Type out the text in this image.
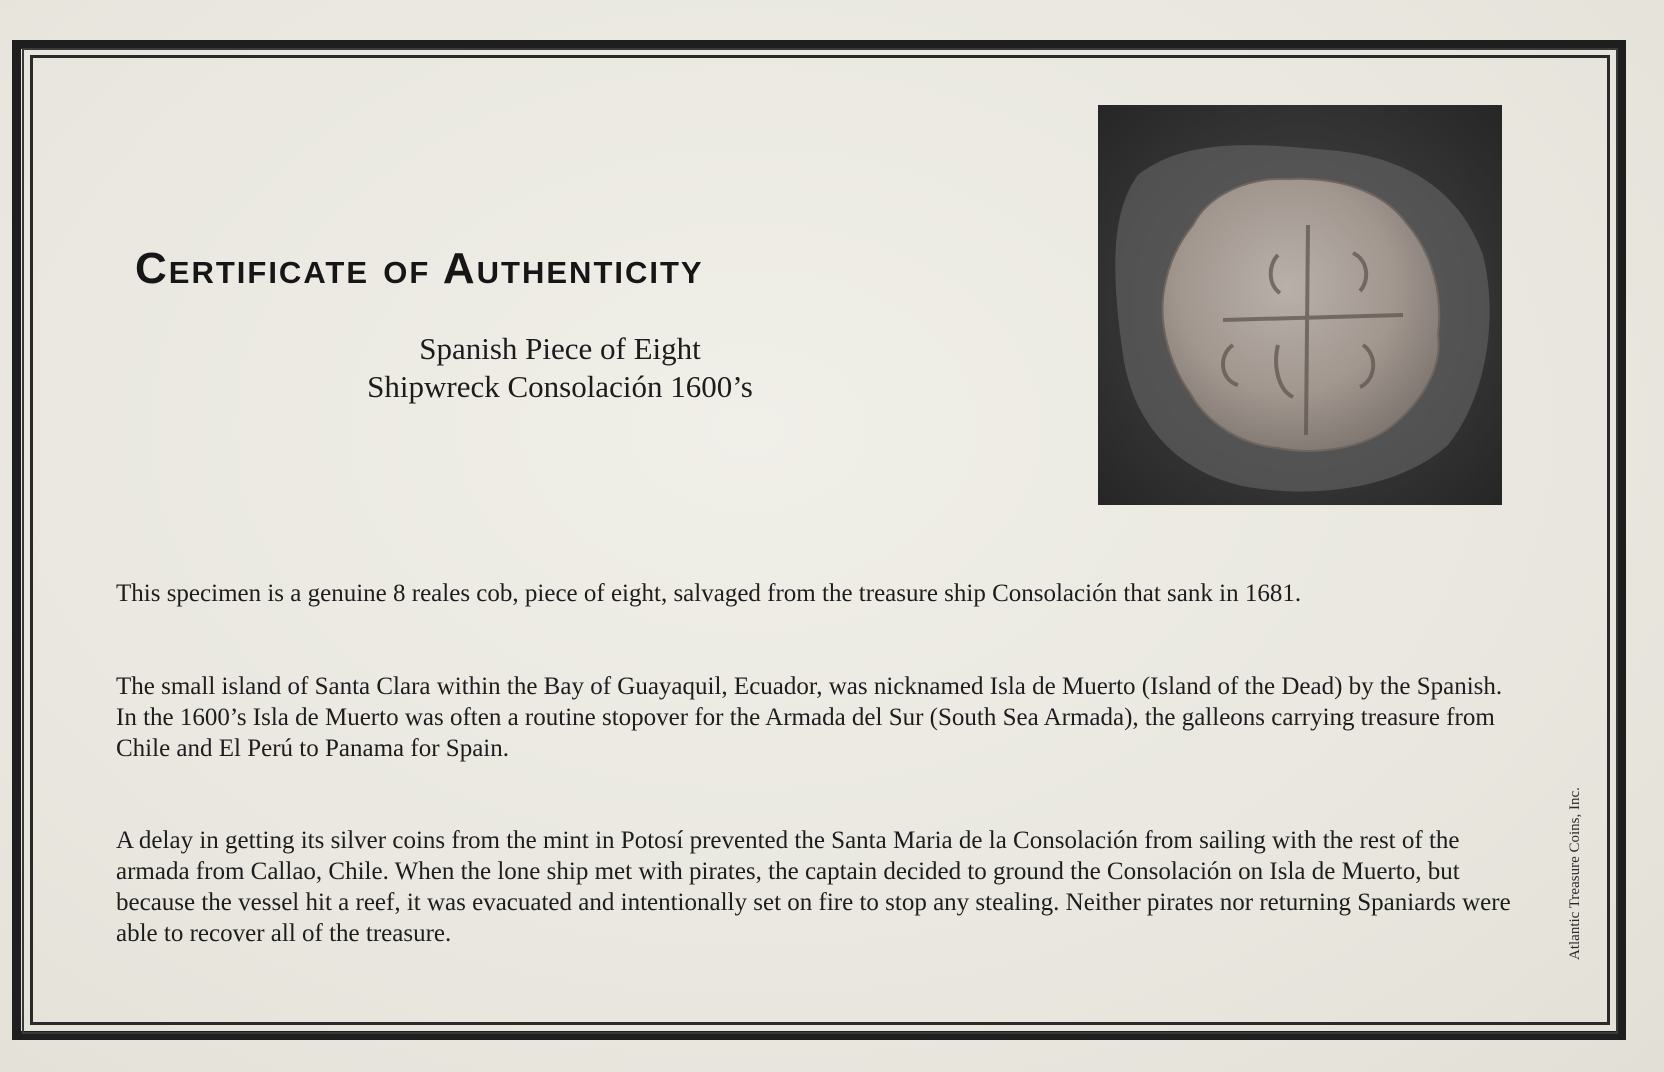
Certificate of Authenticity
Spanish Piece of Eight
Shipwreck Consolación 1600’s
This specimen is a genuine 8 reales cob, piece of eight, salvaged from the treasure ship Consolación that sank in 1681.
The small island of Santa Clara within the Bay of Guayaquil, Ecuador, was nicknamed Isla de Muerto (Island of the Dead) by the Spanish. In the 1600’s Isla de Muerto was often a routine stopover for the Armada del Sur (South Sea Armada), the galleons carrying treasure from Chile and El Perú to Panama for Spain.
A delay in getting its silver coins from the mint in Potosí prevented the Santa Maria de la Consolación from sailing with the rest of the armada from Callao, Chile. When the lone ship met with pirates, the captain decided to ground the Consolación on Isla de Muerto, but because the vessel hit a reef, it was evacuated and intentionally set on fire to stop any stealing. Neither pirates nor returning Spaniards were able to recover all of the treasure.	Atlantic Treasure Coins, Inc.
